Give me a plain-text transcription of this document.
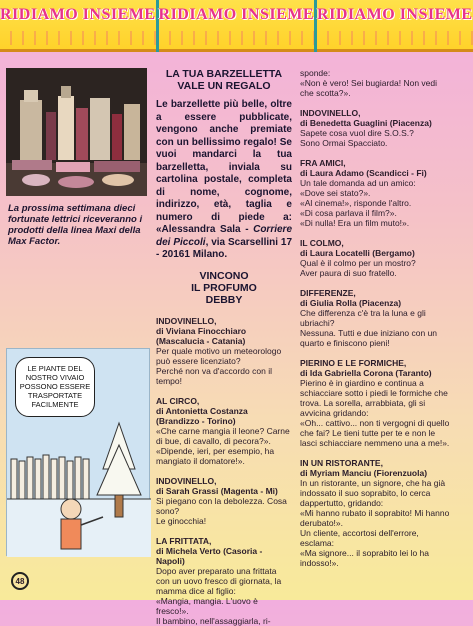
RIDIAMO INSIEME RIDIAMO INSIEME RIDIAMO INSIEME
La prossima settimana dieci fortunate lettrici riceveranno i prodotti della linea Maxi della Max Factor.
LE PIANTE DEL NOSTRO VIVAIO POSSONO ESSERE TRASPORTATE FACILMENTE
48
LA TUA BARZELLETTA
VALE UN REGALO
Le barzellette più belle, oltre a essere pubblicate, vengono anche premiate con un bellissimo regalo! Se vuoi mandarci la tua barzelletta, inviala su cartolina postale, completa di nome, cognome, indirizzo, età, taglia e numero di piede a: «Alessandra Sala - Corriere dei Piccoli, via Scarsellini 17 - 20161 Milano.
VINCONO
IL PROFUMO
DEBBY
INDOVINELLO,
di Viviana Finocchiaro (Mascalucia - Catania)
Per quale motivo un meteorologo può essere licenziato?
Perché non va d'accordo con il tempo!
AL CIRCO,
di Antonietta Costanza (Brandizzo - Torino)
«Che carne mangia il leone? Carne di bue, di cavallo, di pecora?».
«Dipende, ieri, per esempio, ha mangiato il domatore!».
INDOVINELLO,
di Sarah Grassi (Magenta - Mi)
Si piegano con la debolezza. Cosa sono?
Le ginocchia!
LA FRITTATA,
di Michela Verto (Casoria - Napoli)
Dopo aver preparato una frittata con un uovo fresco di giornata, la mamma dice al figlio:
«Mangia, mangia. L'uovo è fresco!».
Il bambino, nell'assaggiarla, ri-
sponde:
«Non è vero! Sei bugiarda! Non vedi che scotta?».
INDOVINELLO,
di Benedetta Guaglini (Piacenza)
Sapete cosa vuol dire S.O.S.?
Sono Ormai Spacciato.
FRA AMICI,
di Laura Adamo (Scandicci - Fi)
Un tale domanda ad un amico:
«Dove sei stato?».
«Al cinema!», risponde l'altro.
«Di cosa parlava il film?».
«Di nulla! Era un film muto!».
IL COLMO,
di Laura Locatelli (Bergamo)
Qual è il colmo per un mostro?
Aver paura di suo fratello.
DIFFERENZE,
di Giulia Rolla (Piacenza)
Che differenza c'è tra la luna e gli ubriachi?
Nessuna. Tutti e due iniziano con un quarto e finiscono pieni!
PIERINO E LE FORMICHE,
di Ida Gabriella Corona (Taranto)
Pierino è in giardino e continua a schiacciare sotto i piedi le formiche che trova. La sorella, arrabbiata, gli si avvicina gridando:
«Oh... cattivo... non ti vergogni di quello che fai? Le tieni tutte per te e non le lasci schiacciare nemmeno una a me!».
IN UN RISTORANTE,
di Myriam Manciu (Fiorenzuola)
In un ristorante, un signore, che ha già indossato il suo soprabito, lo cerca dappertutto, gridando:
«Mi hanno rubato il soprabito! Mi hanno derubato!».
Un cliente, accortosi dell'errore, esclama:
«Ma signore... il soprabito lei lo ha indosso!».
